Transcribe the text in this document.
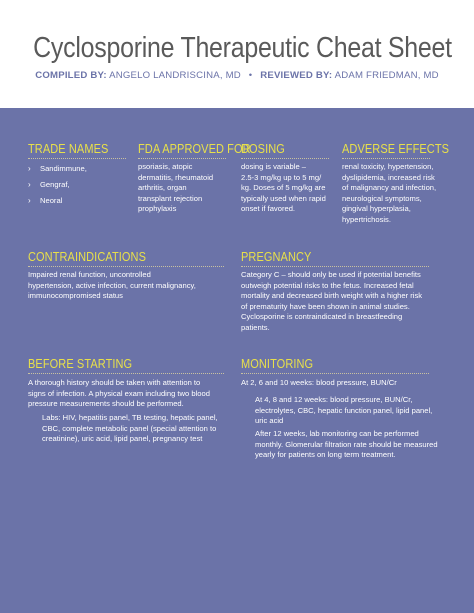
Cyclosporine Therapeutic Cheat Sheet
COMPILED BY: ANGELO LANDRISCINA, MD • REVIEWED BY: ADAM FRIEDMAN, MD
TRADE NAMES
›	Sandimmune,
›	Gengraf,
›	Neoral
FDA APPROVED FOR

psoriasis, atopic

dermatitis, rheumatoid

arthritis, organ

transplant rejection

prophylaxis

DOSING

dosing is variable –

2.5-3 mg/kg up to 5 mg/

kg. Doses of 5 mg/kg are

typically used when rapid

onset if favored.

ADVERSE EFFECTS

renal toxicity, hypertension,

dyslipidemia, increased risk

of malignancy and infection,

neurological symptoms,

gingival hyperplasia,

hypertrichosis.

CONTRAINDICATIONS

Impaired renal function, uncontrolled

hypertension, active infection, current malignancy,

immunocompromised status

PREGNANCY

Category C – should only be used if potential benefits

outweigh potential risks to the fetus. Increased fetal

mortality and decreased birth weight with a higher risk

of prematurity have been shown in animal studies.

Cyclosporine is contraindicated in breastfeeding

patients.

BEFORE STARTING

A thorough history should be taken with attention to

signs of infection. A physical exam including two blood

pressure measurements should be performed.

Labs: HIV, hepatitis panel, TB testing, hepatic panel,

CBC, complete metabolic panel (special attention to

creatinine), uric acid, lipid panel, pregnancy test

MONITORING

At 2, 6 and 10 weeks: blood pressure, BUN/Cr

At 4, 8 and 12 weeks: blood pressure, BUN/Cr,

electrolytes, CBC, hepatic function panel, lipid panel,

uric acid

After 12 weeks, lab monitoring can be performed

monthly. Glomerular filtration rate should be measured

yearly for patients on long term treatment.
